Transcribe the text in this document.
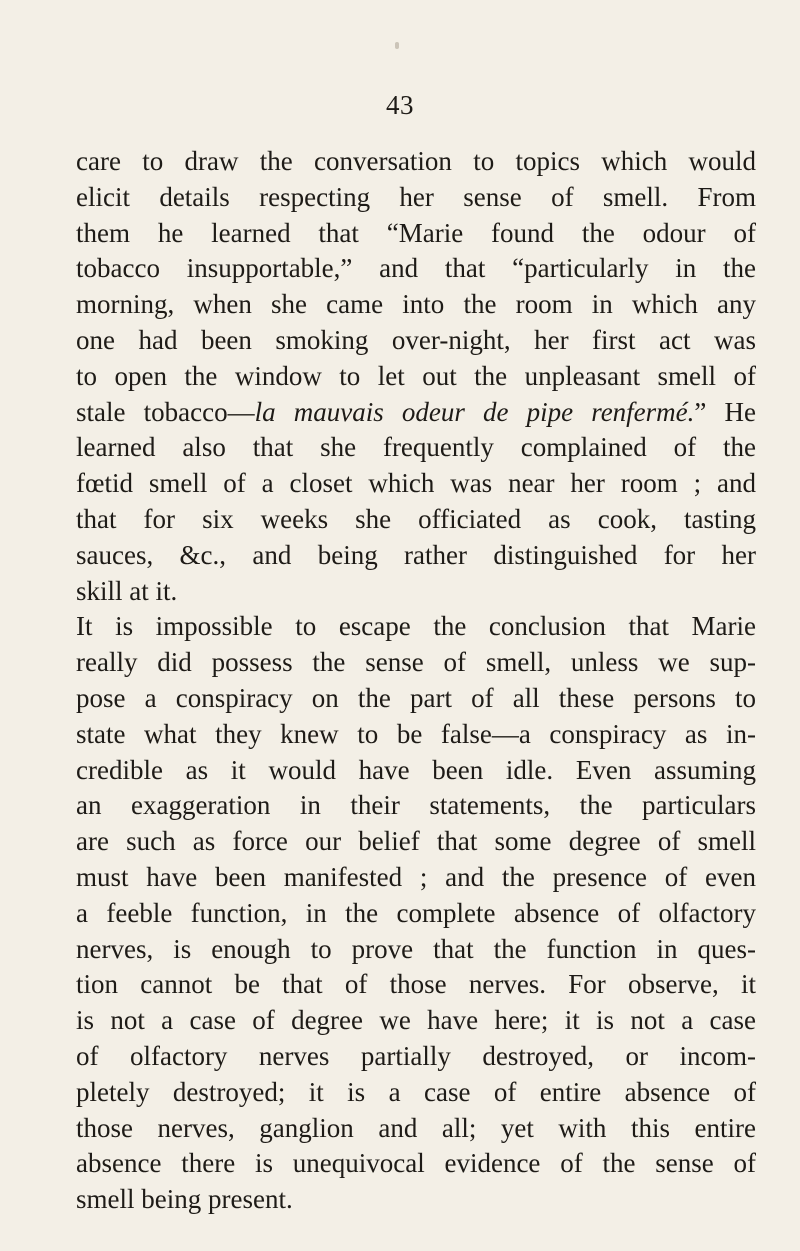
43

care to draw the conversation to topics which would
elicit details respecting her sense of smell. From
them he learned that “Marie found the odour of
tobacco insupportable,” and that “particularly in the
morning, when she came into the room in which any
one had been smoking over-night, her first act was
to open the window to let out the unpleasant smell of
stale tobacco—la mauvais odeur de pipe renfermé.” He
learned also that she frequently complained of the
fœtid smell of a closet which was near her room ; and
that for six weeks she officiated as cook, tasting
sauces, &c., and being rather distinguished for her
skill at it.

It is impossible to escape the conclusion that Marie
really did possess the sense of smell, unless we sup-
pose a conspiracy on the part of all these persons to
state what they knew to be false—a conspiracy as in-
credible as it would have been idle. Even assuming
an exaggeration in their statements, the particulars
are such as force our belief that some degree of smell
must have been manifested ; and the presence of even
a feeble function, in the complete absence of olfactory
nerves, is enough to prove that the function in ques-
tion cannot be that of those nerves. For observe, it
is not a case of degree we have here; it is not a case
of olfactory nerves partially destroyed, or incom-
pletely destroyed; it is a case of entire absence of
those nerves, ganglion and all; yet with this entire
absence there is unequivocal evidence of the sense of
smell being present.
